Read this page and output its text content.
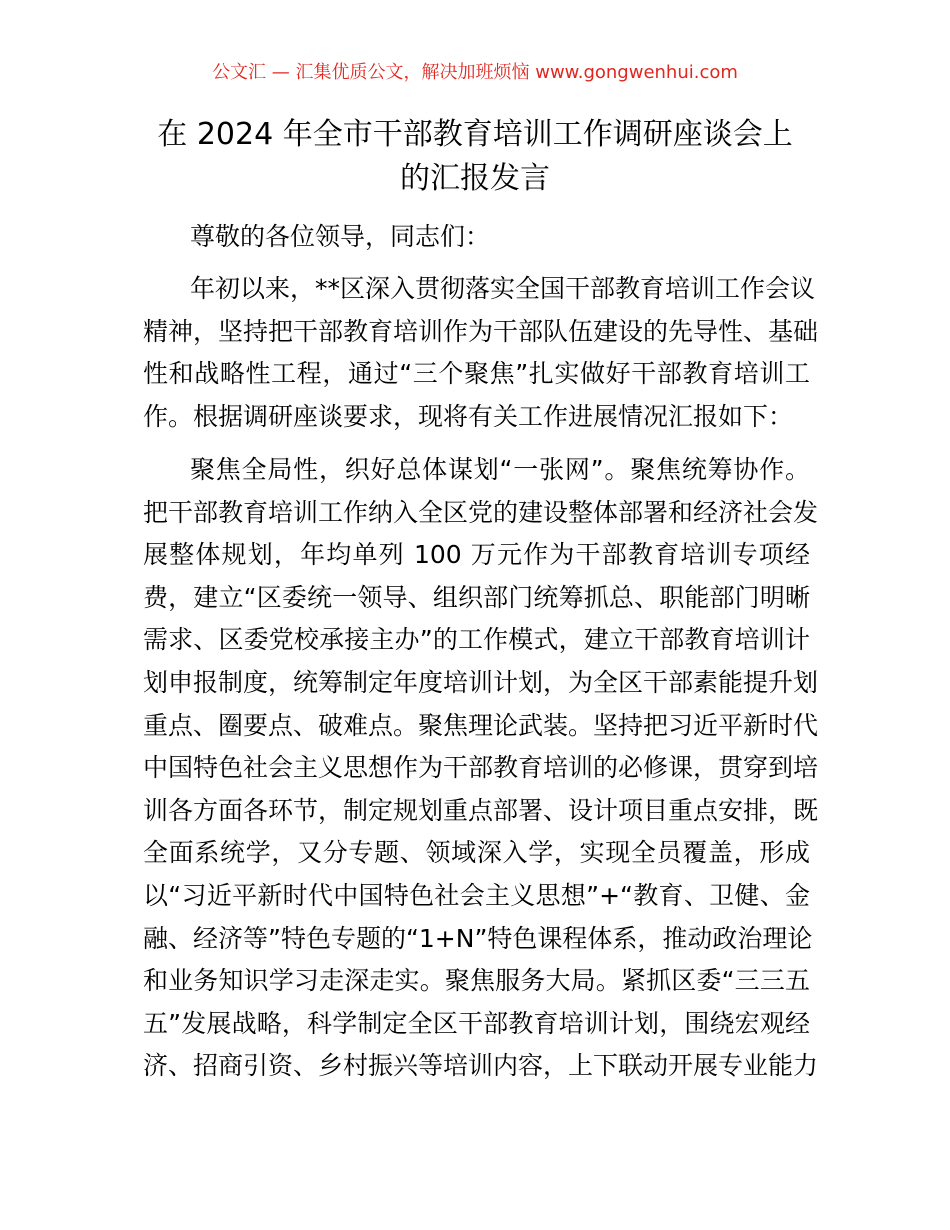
公文汇 — 汇集优质公文，解决加班烦恼 www.gongwenhui.com
在 2024 年全市干部教育培训工作调研座谈会上
的汇报发言
尊敬的各位领导，同志们：
年初以来，**区深入贯彻落实全国干部教育培训工作会议
精神，坚持把干部教育培训作为干部队伍建设的先导性、基础
性和战略性工程，通过“三个聚焦”扎实做好干部教育培训工
作。根据调研座谈要求，现将有关工作进展情况汇报如下：
聚焦全局性，织好总体谋划“一张网”。聚焦统筹协作。
把干部教育培训工作纳入全区党的建设整体部署和经济社会发
展整体规划，年均单列 100 万元作为干部教育培训专项经
费，建立“区委统一领导、组织部门统筹抓总、职能部门明晰
需求、区委党校承接主办”的工作模式，建立干部教育培训计
划申报制度，统筹制定年度培训计划，为全区干部素能提升划
重点、圈要点、破难点。聚焦理论武装。坚持把习近平新时代
中国特色社会主义思想作为干部教育培训的必修课，贯穿到培
训各方面各环节，制定规划重点部署、设计项目重点安排，既
全面系统学，又分专题、领域深入学，实现全员覆盖，形成
以“习近平新时代中国特色社会主义思想”+“教育、卫健、金
融、经济等”特色专题的“1+N”特色课程体系，推动政治理论
和业务知识学习走深走实。聚焦服务大局。紧抓区委“三三五
五”发展战略，科学制定全区干部教育培训计划，围绕宏观经
济、招商引资、乡村振兴等培训内容，上下联动开展专业能力
